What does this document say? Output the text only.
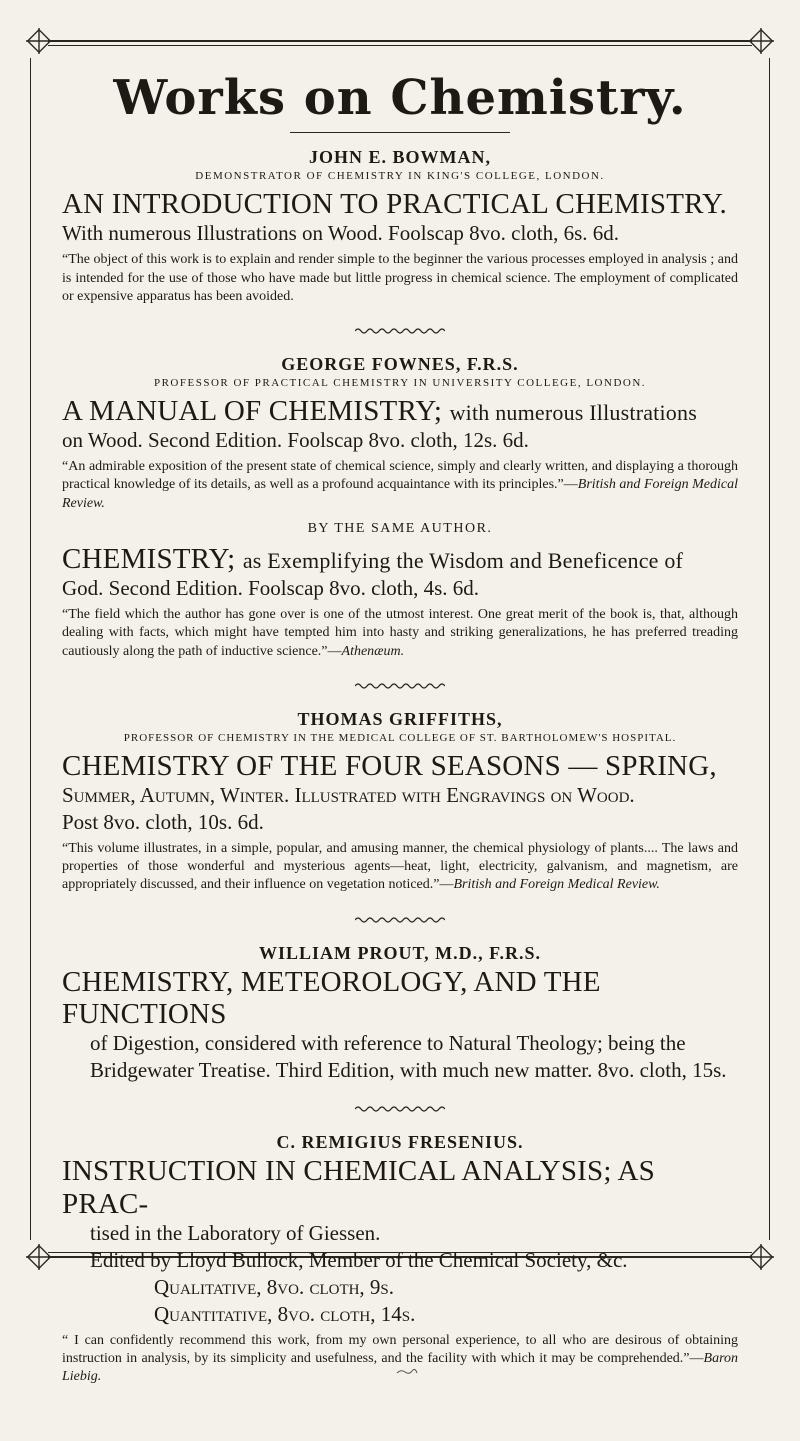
Works on Chemistry.

JOHN E. BOWMAN,

DEMONSTRATOR OF CHEMISTRY IN KING'S COLLEGE, LONDON.

AN INTRODUCTION TO PRACTICAL CHEMISTRY.

With numerous Illustrations on Wood. Foolscap 8vo. cloth, 6s. 6d.

“The object of this work is to explain and render simple to the beginner the various processes employed in analysis ; and is intended for the use of those who have made but little progress in chemical science. The employment of complicated or expensive apparatus has been avoided.

GEORGE FOWNES, F.R.S.

PROFESSOR OF PRACTICAL CHEMISTRY IN UNIVERSITY COLLEGE, LONDON.

A MANUAL OF CHEMISTRY; with numerous Illustrations

on Wood. Second Edition. Foolscap 8vo. cloth, 12s. 6d.

“An admirable exposition of the present state of chemical science, simply and clearly written, and displaying a thorough practical knowledge of its details, as well as a profound acquaintance with its principles.”—British and Foreign Medical Review.

BY THE SAME AUTHOR.

CHEMISTRY; as Exemplifying the Wisdom and Beneficence of

God. Second Edition. Foolscap 8vo. cloth, 4s. 6d.

“The field which the author has gone over is one of the utmost interest. One great merit of the book is, that, although dealing with facts, which might have tempted him into hasty and striking generalizations, he has preferred treading cautiously along the path of inductive science.”—Athenæum.

THOMAS GRIFFITHS,

PROFESSOR OF CHEMISTRY IN THE MEDICAL COLLEGE OF ST. BARTHOLOMEW'S HOSPITAL.

CHEMISTRY OF THE FOUR SEASONS — SPRING,

Summer, Autumn, Winter. Illustrated with Engravings on Wood.

Post 8vo. cloth, 10s. 6d.

“This volume illustrates, in a simple, popular, and amusing manner, the chemical physiology of plants.... The laws and properties of those wonderful and mysterious agents—heat, light, electricity, galvanism, and magnetism, are appropriately discussed, and their influence on vegetation noticed.”—British and Foreign Medical Review.

WILLIAM PROUT, M.D., F.R.S.

CHEMISTRY, METEOROLOGY, AND THE FUNCTIONS

of Digestion, considered with reference to Natural Theology; being the Bridgewater Treatise. Third Edition, with much new matter. 8vo. cloth, 15s.

C. REMIGIUS FRESENIUS.

INSTRUCTION IN CHEMICAL ANALYSIS; AS PRAC-

tised in the Laboratory of Giessen.

Edited by Lloyd Bullock, Member of the Chemical Society, &c.

Qualitative, 8vo. cloth, 9s.

Quantitative, 8vo. cloth, 14s.

“ I can confidently recommend this work, from my own personal experience, to all who are desirous of obtaining instruction in analysis, by its simplicity and usefulness, and the facility with which it may be comprehended.”—Baron Liebig.
